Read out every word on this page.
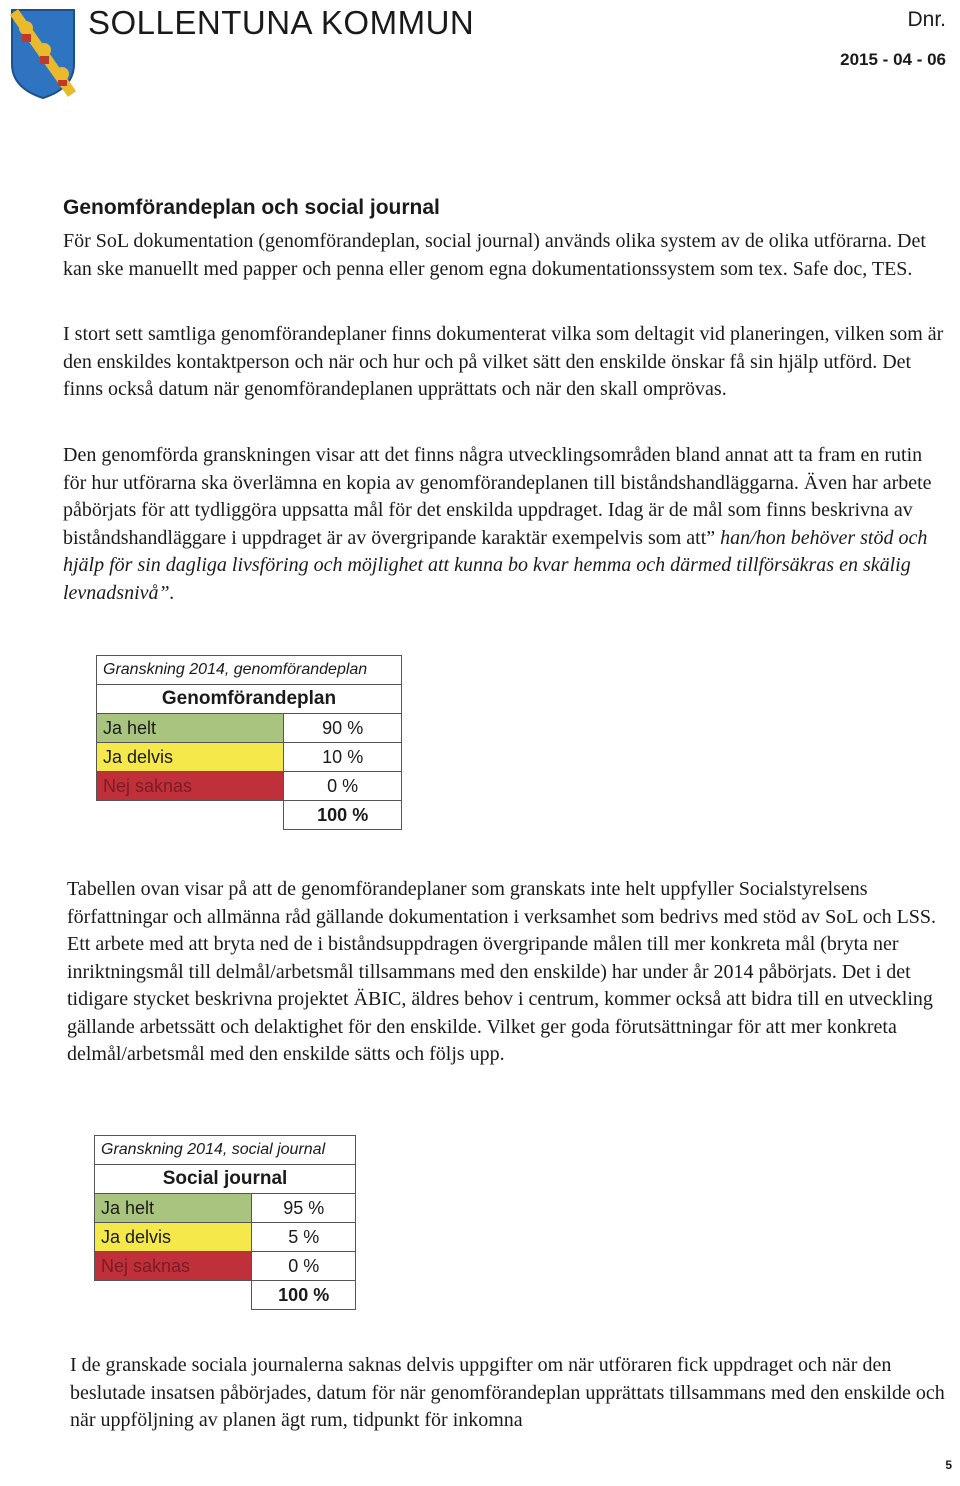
SOLLENTUNA KOMMUN	Dnr.
2015 - 04 - 06
Genomförandeplan och social journal

För SoL dokumentation (genomförandeplan, social journal) används olika system av de olika utförarna. Det kan ske manuellt med papper och penna eller genom egna dokumentationssystem som tex. Safe doc, TES.

I stort sett samtliga genomförandeplaner finns dokumenterat vilka som deltagit vid planeringen, vilken som är den enskildes kontaktperson och när och hur och på vilket sätt den enskilde önskar få sin hjälp utförd. Det finns också datum när genomförandeplanen upprättats och när den skall omprövas.

Den genomförda granskningen visar att det finns några utvecklingsområden bland annat att ta fram en rutin för hur utförarna ska överlämna en kopia av genomförandeplanen till biståndshandläggarna. Även har arbete påbörjats för att tydliggöra uppsatta mål för det enskilda uppdraget. Idag är de mål som finns beskrivna av biståndshandläggare i uppdraget är av övergripande karaktär exempelvis som att” han/hon behöver stöd och hjälp för sin dagliga livsföring och möjlighet att kunna bo kvar hemma och därmed tillförsäkras en skälig levnadsnivå”.

Granskning 2014, genomförandeplan	
Genomförandeplan	
Ja helt	90 %
Ja delvis	10 %
Nej saknas	0 %
	100 %

Tabellen ovan visar på att de genomförandeplaner som granskats inte helt uppfyller Socialstyrelsens författningar och allmänna råd gällande dokumentation i verksamhet som bedrivs med stöd av SoL och LSS. Ett arbete med att bryta ned de i biståndsuppdragen övergripande målen till mer konkreta mål (bryta ner inriktningsmål till delmål/arbetsmål tillsammans med den enskilde) har under år 2014 påbörjats. Det i det tidigare stycket beskrivna projektet ÄBIC, äldres behov i centrum, kommer också att bidra till en utveckling gällande arbetssätt och delaktighet för den enskilde. Vilket ger goda förutsättningar för att mer konkreta delmål/arbetsmål med den enskilde sätts och följs upp.

Granskning 2014, social journal	
Social journal	
Ja helt	95 %
Ja delvis	5 %
Nej saknas	0 %
	100 %

I de granskade sociala journalerna saknas delvis uppgifter om när utföraren fick uppdraget och när den beslutade insatsen påbörjades, datum för när genomförandeplan upprättats tillsammans med den enskilde och när uppföljning av planen ägt rum, tidpunkt för inkomna

5
